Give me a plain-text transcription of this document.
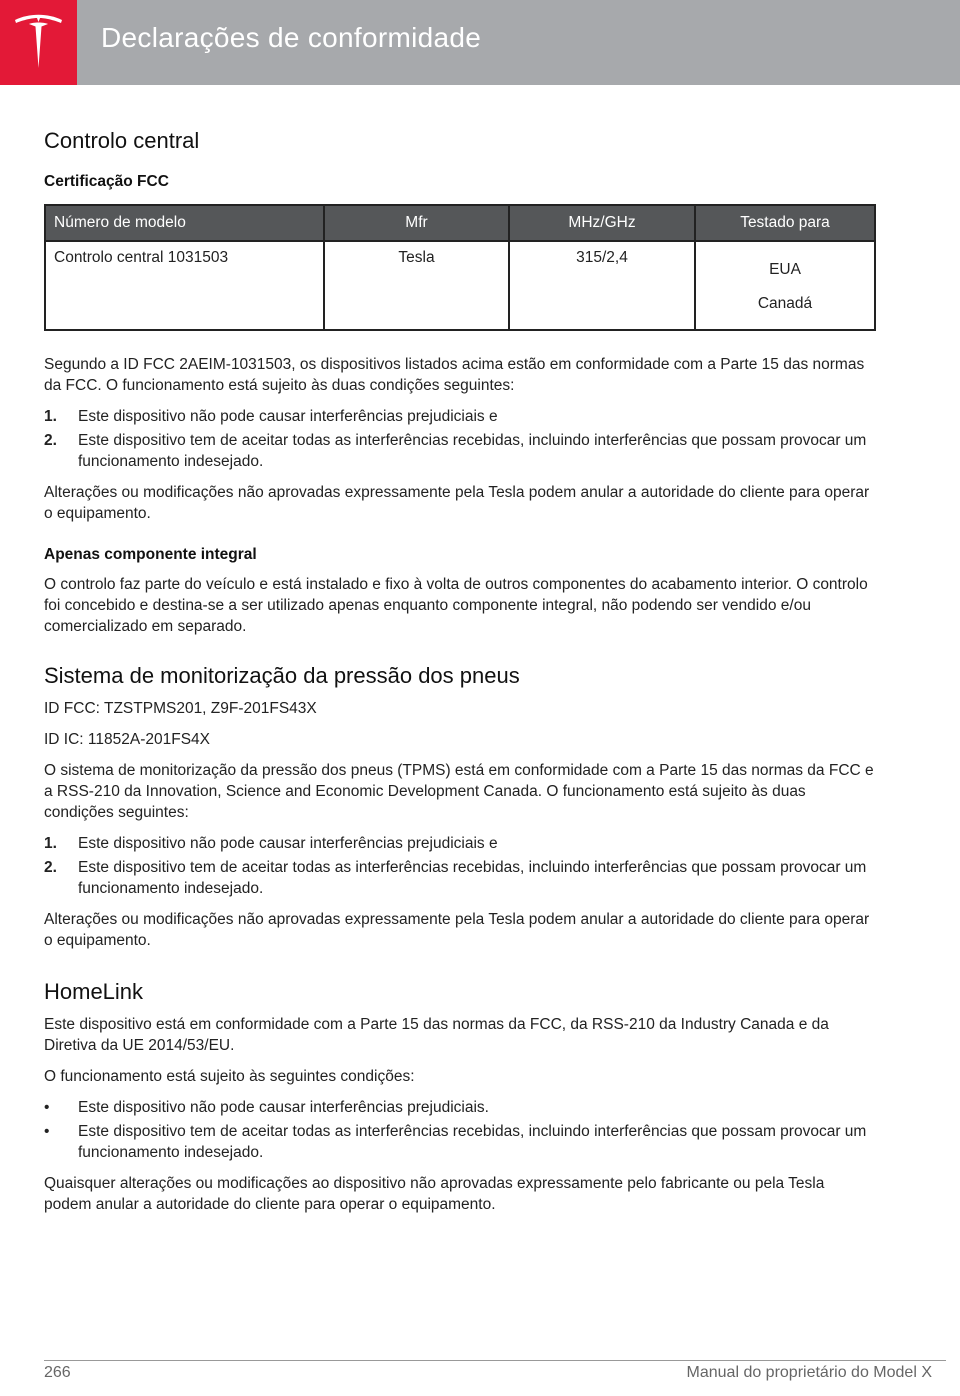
Declarações de conformidade
Controlo central
Certificação FCC
Número de modelo	Mfr	MHz/GHz	Testado para
Controlo central 1031503	Tesla	315/2,4	EUA
Canadá

Segundo a ID FCC 2AEIM-1031503, os dispositivos listados acima estão em conformidade com a Parte 15 das normas da FCC. O funcionamento está sujeito às duas condições seguintes:

1. Este dispositivo não pode causar interferências prejudiciais e
2. Este dispositivo tem de aceitar todas as interferências recebidas, incluindo interferências que possam provocar um funcionamento indesejado.

Alterações ou modificações não aprovadas expressamente pela Tesla podem anular a autoridade do cliente para operar o equipamento.

Apenas componente integral

O controlo faz parte do veículo e está instalado e fixo à volta de outros componentes do acabamento interior. O controlo foi concebido e destina-se a ser utilizado apenas enquanto componente integral, não podendo ser vendido e/ou comercializado em separado.

Sistema de monitorização da pressão dos pneus

ID FCC: TZSTPMS201, Z9F-201FS43X

ID IC: 11852A-201FS4X

O sistema de monitorização da pressão dos pneus (TPMS) está em conformidade com a Parte 15 das normas da FCC e a RSS-210 da Innovation, Science and Economic Development Canada. O funcionamento está sujeito às duas condições seguintes:

1. Este dispositivo não pode causar interferências prejudiciais e
2. Este dispositivo tem de aceitar todas as interferências recebidas, incluindo interferências que possam provocar um funcionamento indesejado.

Alterações ou modificações não aprovadas expressamente pela Tesla podem anular a autoridade do cliente para operar o equipamento.

HomeLink

Este dispositivo está em conformidade com a Parte 15 das normas da FCC, da RSS-210 da Industry Canada e da Diretiva da UE 2014/53/EU.

O funcionamento está sujeito às seguintes condições:

• Este dispositivo não pode causar interferências prejudiciais.
• Este dispositivo tem de aceitar todas as interferências recebidas, incluindo interferências que possam provocar um funcionamento indesejado.

Quaisquer alterações ou modificações ao dispositivo não aprovadas expressamente pelo fabricante ou pela Tesla podem anular a autoridade do cliente para operar o equipamento.

266	Manual do proprietário do Model X
